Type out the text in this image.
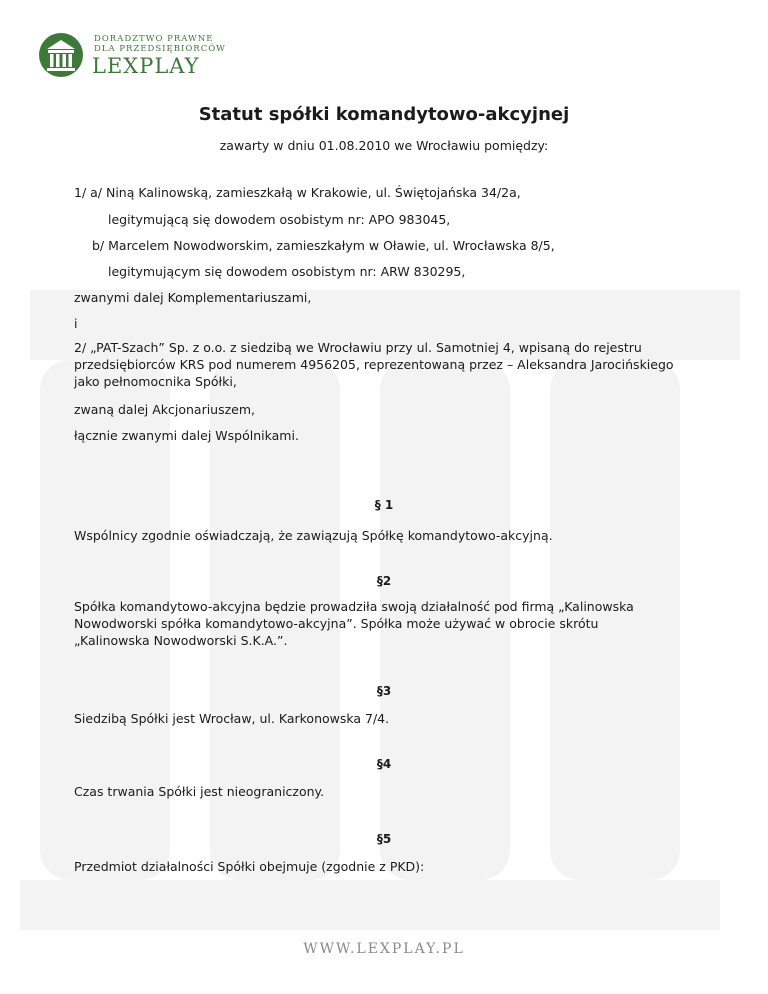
DORADZTWO PRAWNE
DLA PRZEDSIĘBIORCÓW
LEXPLAY
Statut spółki komandytowo-akcyjnej
zawarty w dniu 01.08.2010 we Wrocławiu pomiędzy:
1/ a/ Niną Kalinowską, zamieszkałą w Krakowie, ul. Świętojańska 34/2a,
legitymującą się dowodem osobistym nr: APO 983045,
b/ Marcelem Nowodworskim, zamieszkałym w Oławie, ul. Wrocławska 8/5,
legitymującym się dowodem osobistym nr: ARW 830295,
zwanymi dalej Komplementariuszami,
i
2/ „PAT-Szach” Sp. z o.o. z siedzibą we Wrocławiu przy ul. Samotniej 4, wpisaną do rejestru przedsiębiorców KRS pod numerem 4956205, reprezentowaną przez – Aleksandra Jarocińskiego jako pełnomocnika Spółki,
zwaną dalej Akcjonariuszem,
łącznie zwanymi dalej Wspólnikami.
§ 1
Wspólnicy zgodnie oświadczają, że zawiązują Spółkę komandytowo-akcyjną.
§2
Spółka komandytowo-akcyjna będzie prowadziła swoją działalność pod firmą „Kalinowska Nowodworski spółka komandytowo-akcyjna”. Spółka może używać w obrocie skrótu „Kalinowska Nowodworski S.K.A.”.
§3
Siedzibą Spółki jest Wrocław, ul. Karkonowska 7/4.
§4
Czas trwania Spółki jest nieograniczony.
§5
Przedmiot działalności Spółki obejmuje (zgodnie z PKD):
WWW.LEXPLAY.PL
